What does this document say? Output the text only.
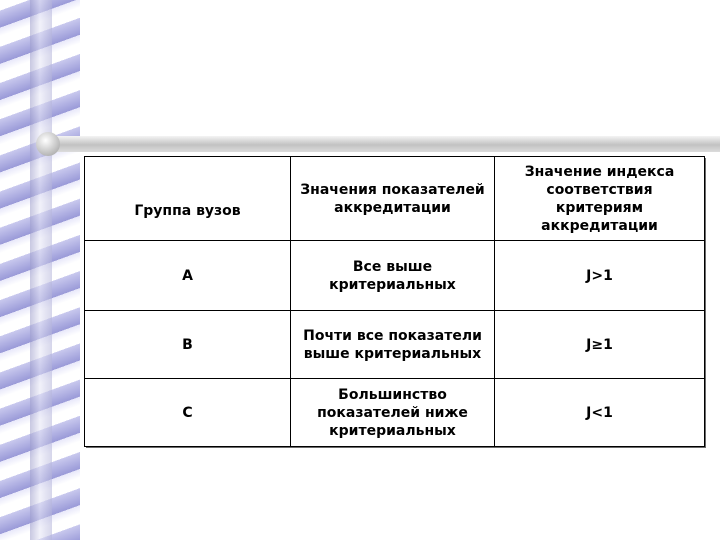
Группа вузов	Значения показателей аккредитации	Значение индекса соответствия критериям аккредитации
А	Все выше критериальных	J>1
В	Почти все показатели выше критериальных	J≥1
С	Большинство показателей ниже критериальных	J<1
